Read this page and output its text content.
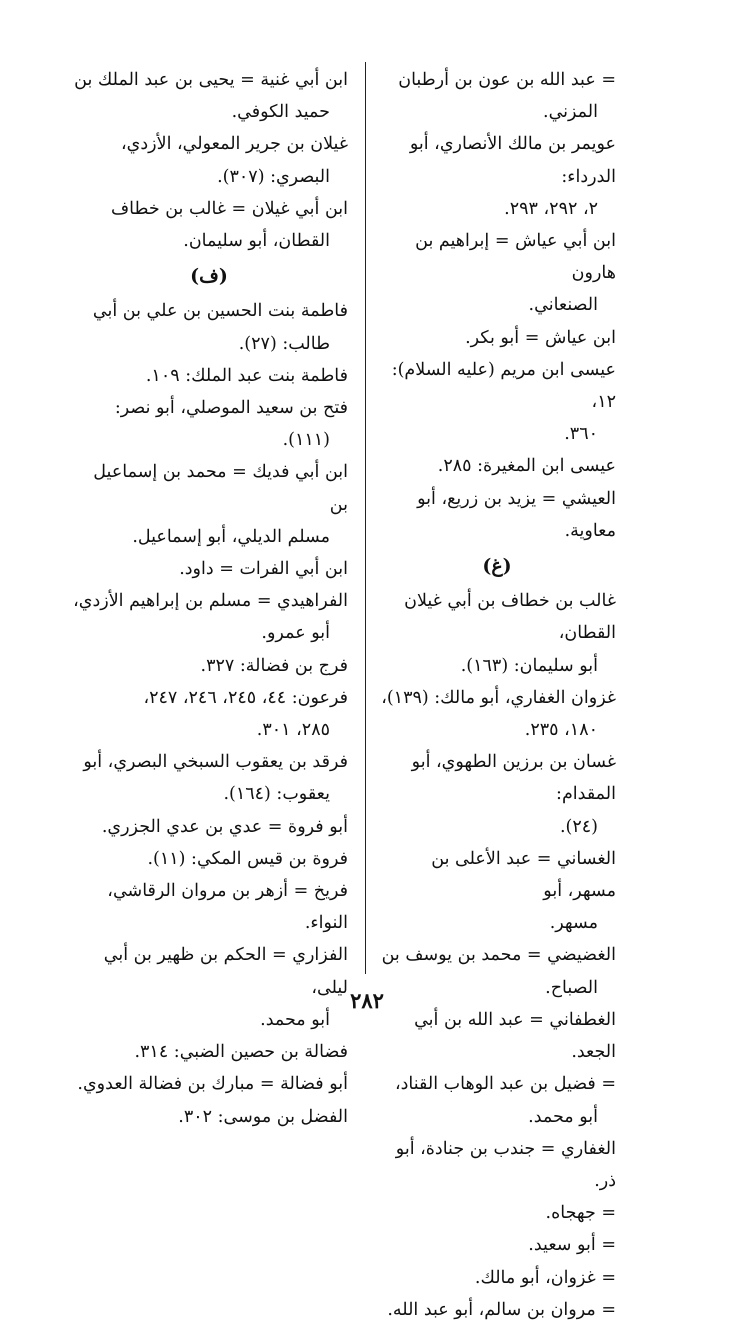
= عبد الله بن عون بن أرطبان
المزني.
عويمر بن مالك الأنصاري، أبو الدرداء:
٢، ٢٩٢، ٢٩٣.
ابن أبي عياش = إبراهيم بن هارون
الصنعاني.
ابن عياش = أبو بكر.
عيسى ابن مريم (عليه السلام): ١٢،
٣٦٠.
عيسى ابن المغيرة: ٢٨٥.
العيشي = يزيد بن زريع، أبو معاوية.
(غ)
غالب بن خطاف بن أبي غيلان القطان،
أبو سليمان: (١٦٣).
غزوان الغفاري، أبو مالك: (١٣٩)،
١٨٠، ٢٣٥.
غسان بن برزين الطهوي، أبو المقدام:
(٢٤).
الغساني = عبد الأعلى بن مسهر، أبو
مسهر.
الغضيضي = محمد بن يوسف بن
الصباح.
الغطفاني = عبد الله بن أبي الجعد.
= فضيل بن عبد الوهاب القناد،
أبو محمد.
الغفاري = جندب بن جنادة، أبو ذر.
= جهجاه.
= أبو سعيد.
= غزوان، أبو مالك.
= مروان بن سالم، أبو عبد الله.
ابن أبي غنية = يحيى بن عبد الملك بن
حميد الكوفي.
غيلان بن جرير المعولي، الأزدي،
البصري: (٣٠٧).
ابن أبي غيلان = غالب بن خطاف
القطان، أبو سليمان.
(ف)
فاطمة بنت الحسين بن علي بن أبي
طالب: (٢٧).
فاطمة بنت عبد الملك: ١٠٩.
فتح بن سعيد الموصلي، أبو نصر:
(١١١).
ابن أبي فديك = محمد بن إسماعيل بن
مسلم الديلي، أبو إسماعيل.
ابن أبي الفرات = داود.
الفراهيدي = مسلم بن إبراهيم الأزدي،
أبو عمرو.
فرج بن فضالة: ٣٢٧.
فرعون: ٤٤، ٢٤٥، ٢٤٦، ٢٤٧،
٢٨٥، ٣٠١.
فرقد بن يعقوب السبخي البصري، أبو
يعقوب: (١٦٤).
أبو فروة = عدي بن عدي الجزري.
فروة بن قيس المكي: (١١).
فريخ = أزهر بن مروان الرقاشي، النواء.
الفزاري = الحكم بن ظهير بن أبي ليلى،
أبو محمد.
فضالة بن حصين الضبي: ٣١٤.
أبو فضالة = مبارك بن فضالة العدوي.
الفضل بن موسى: ٣٠٢.
٢٨٢
